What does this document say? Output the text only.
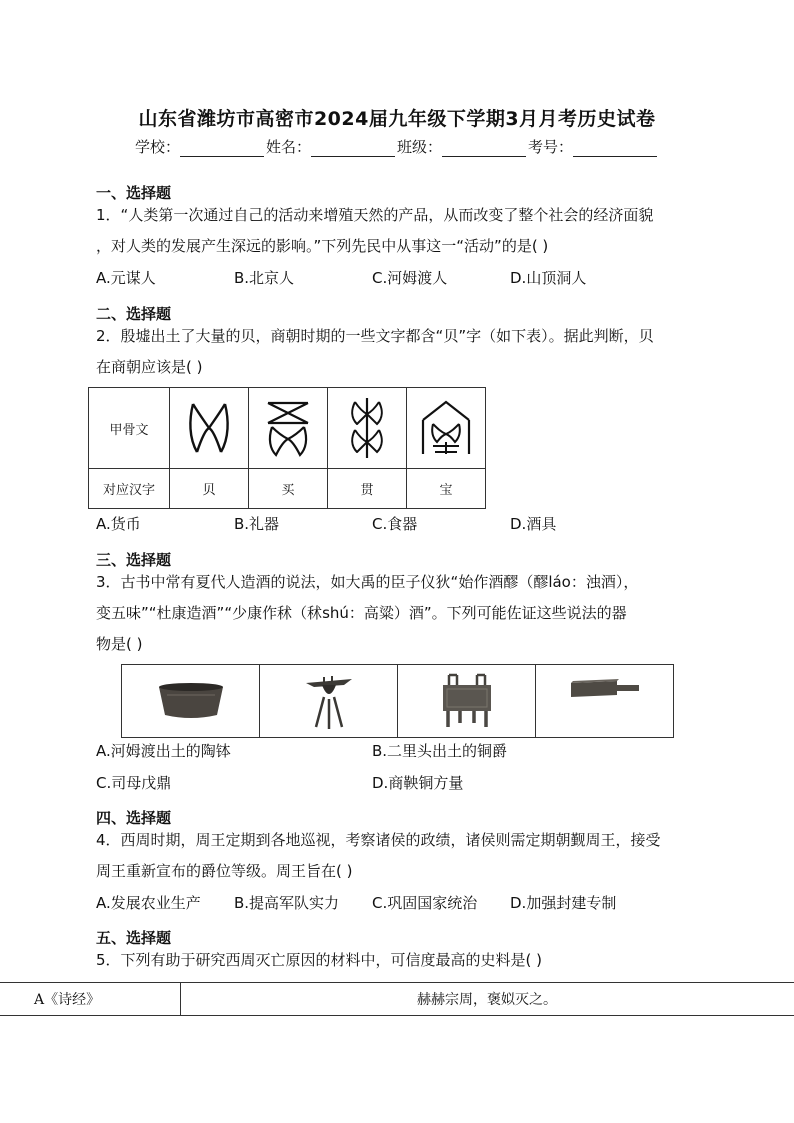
山东省潍坊市高密市2024届九年级下学期3月月考历史试卷
学校：	姓名：	班级：	考号：
一、选择题
1．“人类第一次通过自己的活动来增殖天然的产品，从而改变了整个社会的经济面貌
，对人类的发展产生深远的影响。”下列先民中从事这一“活动”的是( )
A.元谋人	B.北京人	C.河姆渡人	D.山顶洞人
二、选择题
2．殷墟出土了大量的贝，商朝时期的一些文字都含“贝”字（如下表）。据此判断，贝
在商朝应该是( )
甲骨文	

对应汉字	贝	买	贯	宝
A.货币	B.礼器	C.食器	D.酒具
三、选择题
3．古书中常有夏代人造酒的说法，如大禹的臣子仪狄“始作酒醪（醪láo：浊酒），
变五味”“杜康造酒”“少康作秫（秫shú：高粱）酒”。下列可能佐证这些说法的器
物是( )

A.河姆渡出土的陶钵	B.二里头出土的铜爵
C.司母戊鼎	D.商鞅铜方量
四、选择题
4．西周时期，周王定期到各地巡视，考察诸侯的政绩，诸侯则需定期朝觐周王，接受
周王重新宣布的爵位等级。周王旨在( )
A.发展农业生产 B.提高军队实力 C.巩固国家统治 D.加强封建专制
五、选择题
5．下列有助于研究西周灭亡原因的材料中，可信度最高的史料是( )
A《诗经》	赫赫宗周，褒姒灭之。
